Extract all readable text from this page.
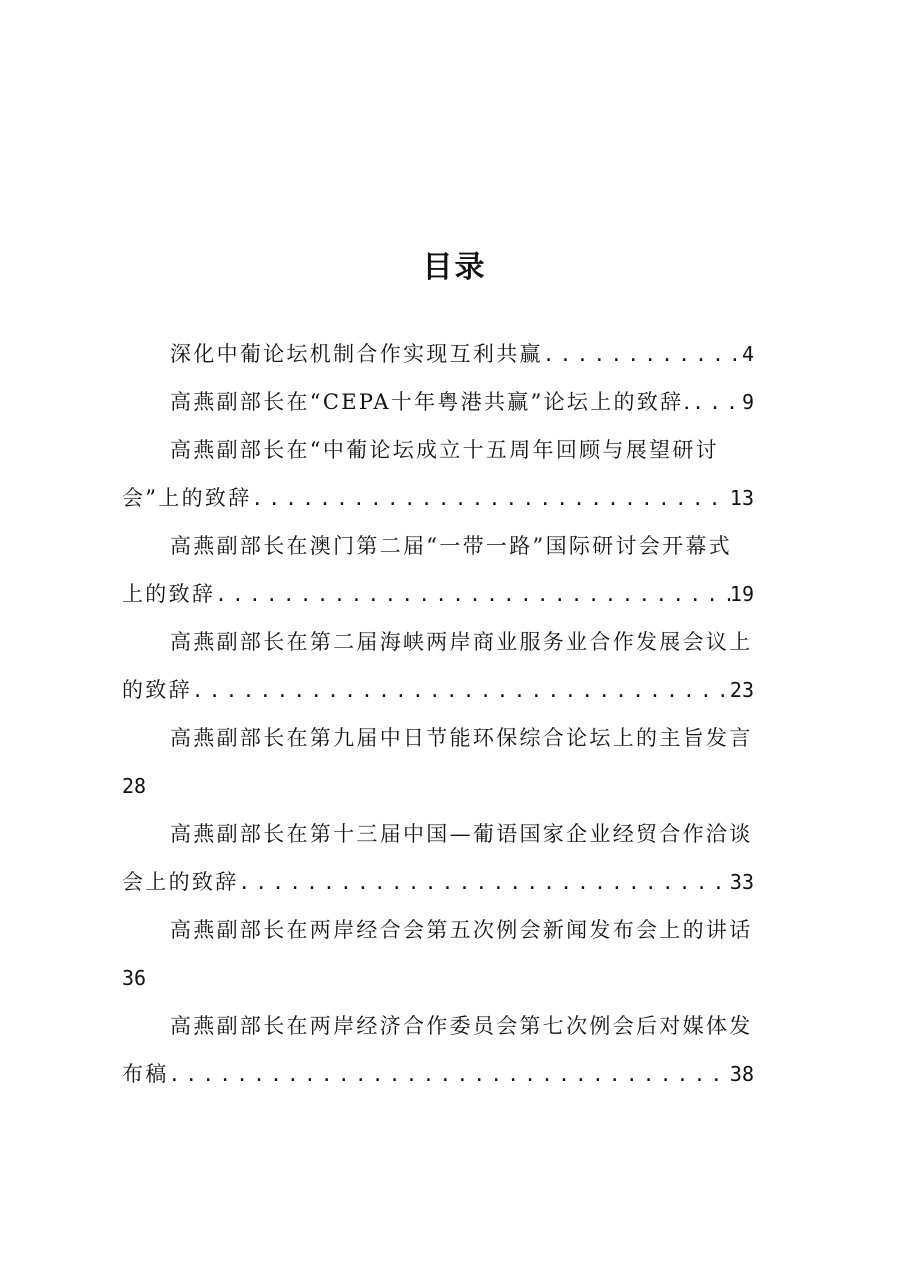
目录
深化中葡论坛机制合作实现互利共赢 .....	4
高燕副部长在“CEPA十年粤港共赢”论坛上的致辞. ..... 9
高燕副部长在“中葡论坛成立十五周年回顾与展望研讨
会”上的致辞 .....	13
高燕副部长在澳门第二届“一带一路”国际研讨会开幕式
上的致辞 .....	19
高燕副部长在第二届海峡两岸商业服务业合作发展会议上
的致辞 .....	23
高燕副部长在第九届中日节能环保综合论坛上的主旨发言
28
高燕副部长在第十三届中国—葡语国家企业经贸合作洽谈
会上的致辞 .....	33
高燕副部长在两岸经合会第五次例会新闻发布会上的讲话
36
高燕副部长在两岸经济合作委员会第七次例会后对媒体发
布稿 .....	38
